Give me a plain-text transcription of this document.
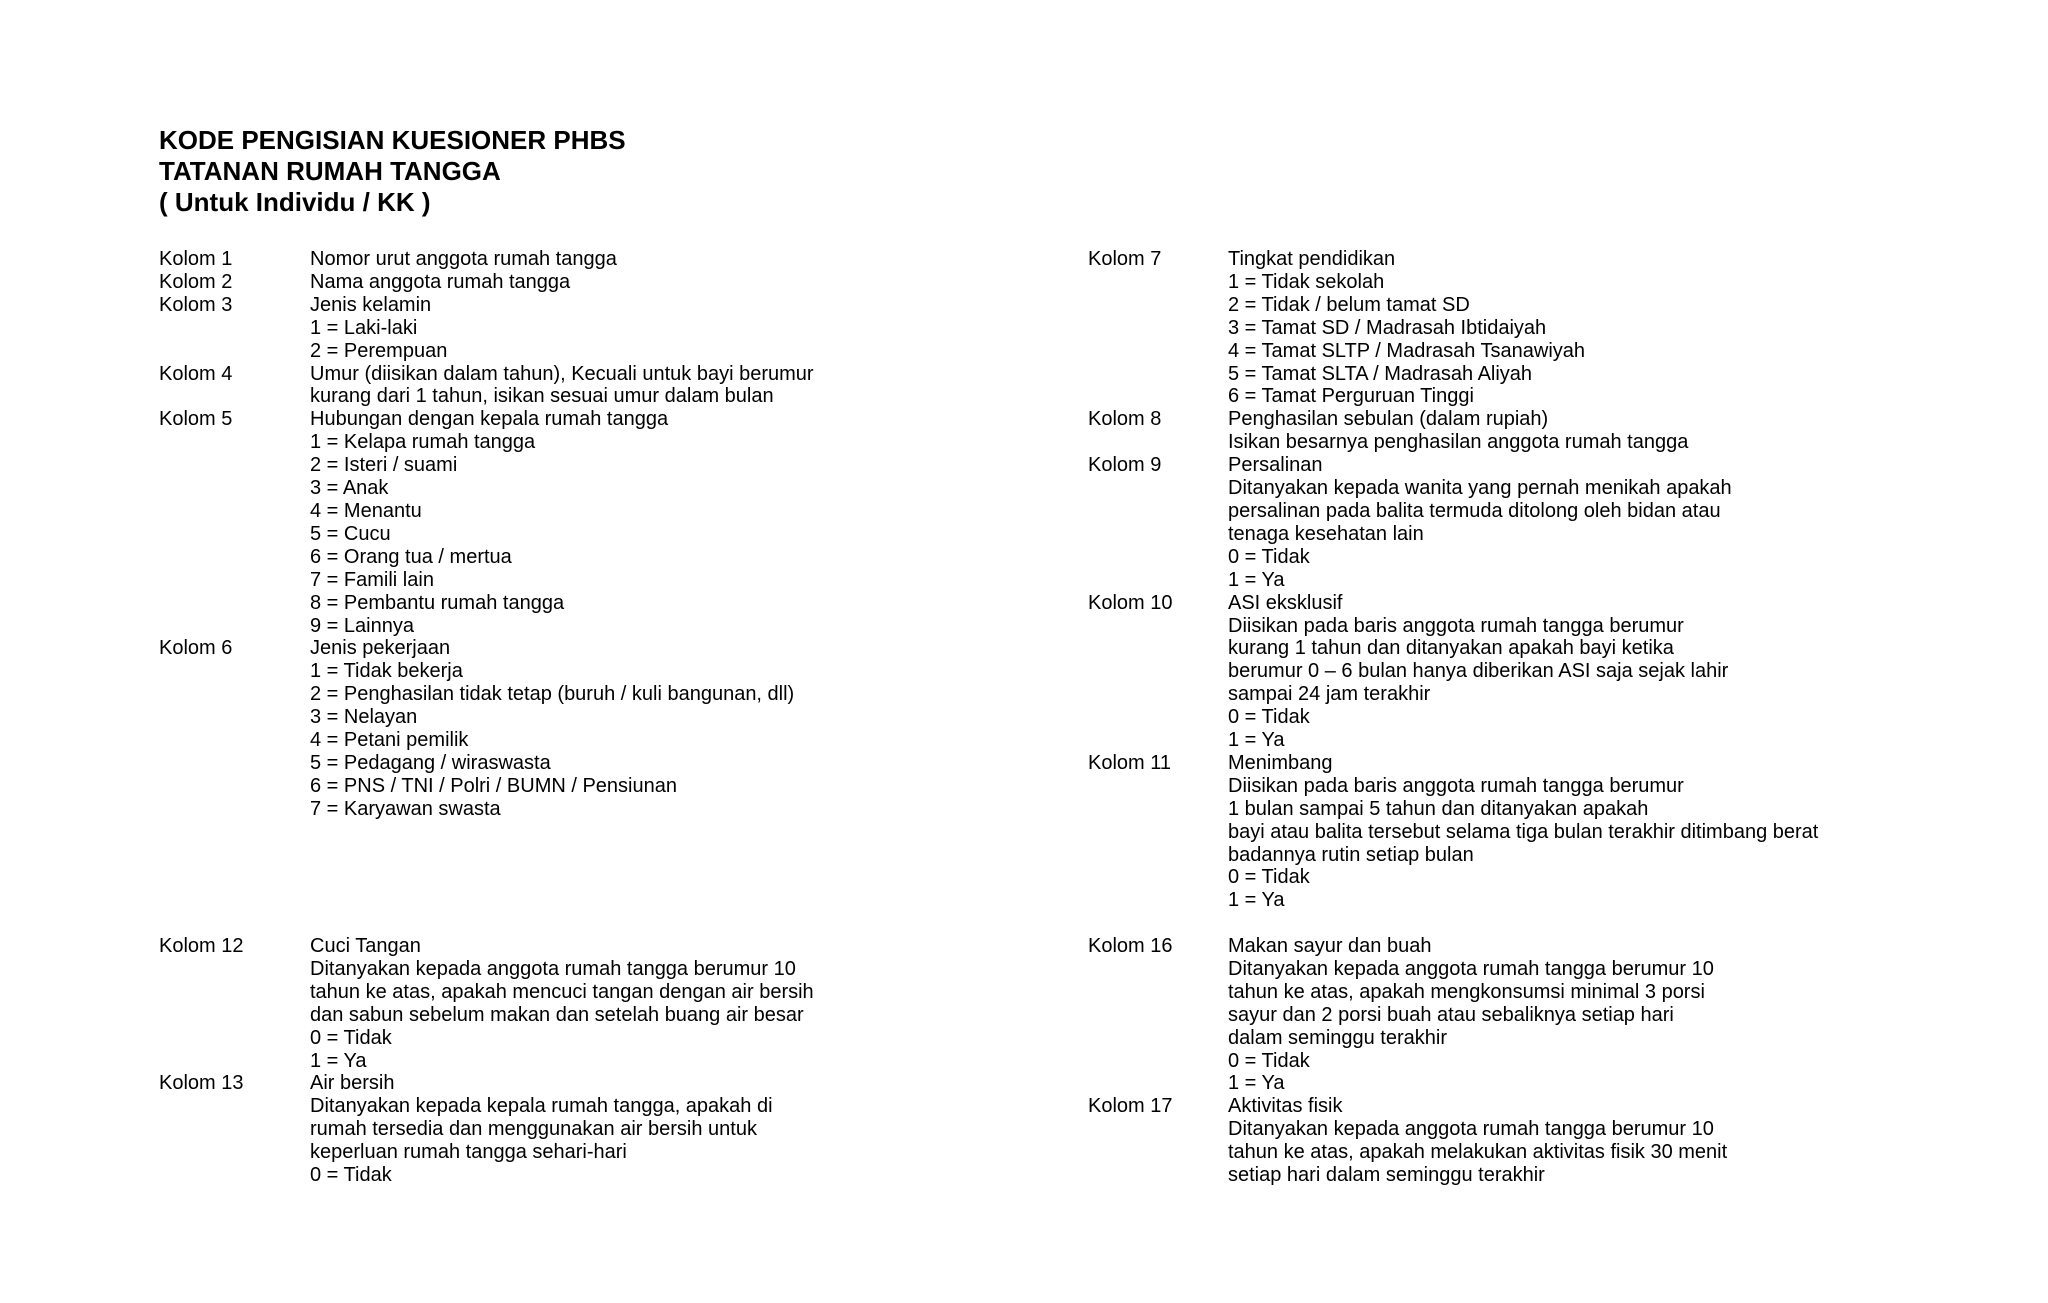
KODE PENGISIAN KUESIONER PHBS
TATANAN RUMAH TANGGA
( Untuk Individu / KK )
Kolom 1	Nomor urut anggota rumah tangga
Kolom 2	Nama anggota rumah tangga
Kolom 3	Jenis kelamin
1 = Laki-laki
2 = Perempuan
Kolom 4	Umur (diisikan dalam tahun), Kecuali untuk bayi berumur
kurang dari 1 tahun, isikan sesuai umur dalam bulan
Kolom 5	Hubungan dengan kepala rumah tangga
1 = Kelapa rumah tangga
2 = Isteri / suami
3 = Anak
4 = Menantu
5 = Cucu
6 = Orang tua / mertua
7 = Famili lain
8 = Pembantu rumah tangga
9 = Lainnya
Kolom 6	Jenis pekerjaan
1 = Tidak bekerja
2 = Penghasilan tidak tetap (buruh / kuli bangunan, dll)
3 = Nelayan
4 = Petani pemilik
5 = Pedagang / wiraswasta
6 = PNS / TNI / Polri / BUMN / Pensiunan
7 = Karyawan swasta
Kolom 7	Tingkat pendidikan
1 = Tidak sekolah
2 = Tidak / belum tamat SD
3 = Tamat SD / Madrasah Ibtidaiyah
4 = Tamat SLTP / Madrasah Tsanawiyah
5 = Tamat SLTA / Madrasah Aliyah
6 = Tamat Perguruan Tinggi
Kolom 8	Penghasilan sebulan (dalam rupiah)
Isikan besarnya penghasilan anggota rumah tangga
Kolom 9	Persalinan
Ditanyakan kepada wanita yang pernah menikah apakah
persalinan pada balita termuda ditolong oleh bidan atau
tenaga kesehatan lain
0 = Tidak
1 = Ya
Kolom 10	ASI eksklusif
Diisikan pada baris anggota rumah tangga berumur
kurang 1 tahun dan ditanyakan apakah bayi ketika
berumur 0 – 6 bulan hanya diberikan ASI saja sejak lahir
sampai 24 jam terakhir
0 = Tidak
1 = Ya
Kolom 11	Menimbang
Diisikan pada baris anggota rumah tangga berumur
1 bulan sampai 5 tahun dan ditanyakan apakah
bayi atau balita tersebut selama tiga bulan terakhir ditimbang berat
badannya rutin setiap bulan
0 = Tidak
1 = Ya
Kolom 12	Cuci Tangan
Ditanyakan kepada anggota rumah tangga berumur 10
tahun ke atas, apakah mencuci tangan dengan air bersih
dan sabun sebelum makan dan setelah buang air besar
0 = Tidak
1 = Ya
Kolom 13	Air bersih
Ditanyakan kepada kepala rumah tangga, apakah di
rumah tersedia dan menggunakan air bersih untuk
keperluan rumah tangga sehari-hari
0 = Tidak
Kolom 16	Makan sayur dan buah
Ditanyakan kepada anggota rumah tangga berumur 10
tahun ke atas, apakah mengkonsumsi minimal 3 porsi
sayur dan 2 porsi buah atau sebaliknya setiap hari
dalam seminggu terakhir
0 = Tidak
1 = Ya
Kolom 17	Aktivitas fisik
Ditanyakan kepada anggota rumah tangga berumur 10
tahun ke atas, apakah melakukan aktivitas fisik 30 menit
setiap hari dalam seminggu terakhir
